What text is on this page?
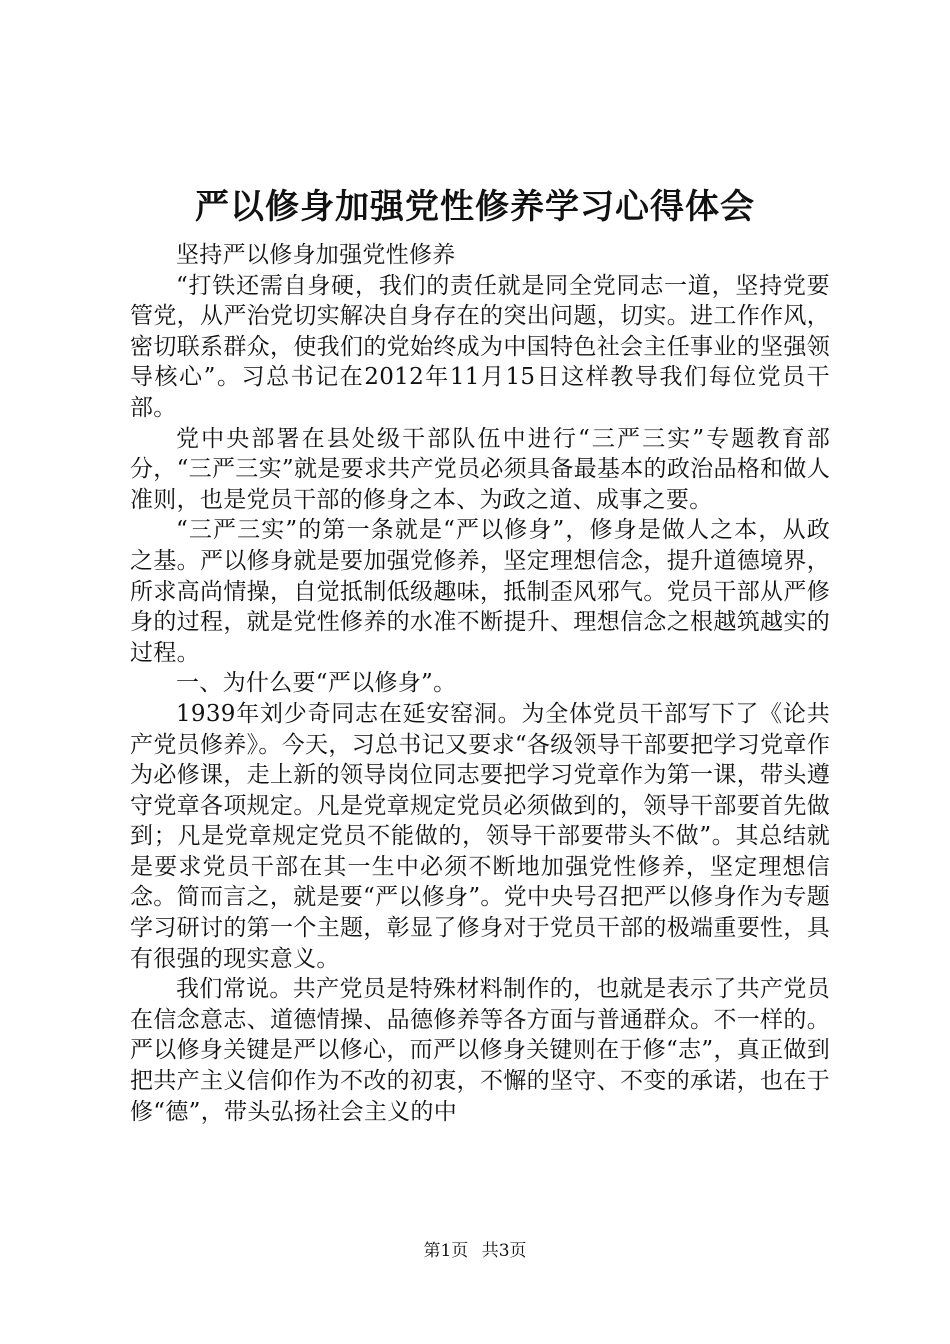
严以修身加强党性修养学习心得体会

坚持严以修身加强党性修养

“打铁还需自身硬，我们的责任就是同全党同志一道，坚持党要管党，从严治党切实解决自身存在的突出问题，切实。进工作作风，密切联系群众，使我们的党始终成为中国特色社会主任事业的坚强领导核心”。习总书记在2012年11月15日这样教导我们每位党员干部。

党中央部署在县处级干部队伍中进行“三严三实”专题教育部分，“三严三实”就是要求共产党员必须具备最基本的政治品格和做人准则，也是党员干部的修身之本、为政之道、成事之要。

“三严三实”的第一条就是“严以修身”，修身是做人之本，从政之基。严以修身就是要加强党修养，坚定理想信念，提升道德境界，所求高尚情操，自觉抵制低级趣味，抵制歪风邪气。党员干部从严修身的过程，就是党性修养的水准不断提升、理想信念之根越筑越实的过程。

一、为什么要“严以修身”。

1939年刘少奇同志在延安窑洞。为全体党员干部写下了《论共产党员修养》。今天，习总书记又要求“各级领导干部要把学习党章作为必修课，走上新的领导岗位同志要把学习党章作为第一课，带头遵守党章各项规定。凡是党章规定党员必须做到的，领导干部要首先做到；凡是党章规定党员不能做的，领导干部要带头不做”。其总结就是要求党员干部在其一生中必须不断地加强党性修养，坚定理想信念。简而言之，就是要“严以修身”。党中央号召把严以修身作为专题学习研讨的第一个主题，彰显了修身对于党员干部的极端重要性，具有很强的现实意义。

我们常说。共产党员是特殊材料制作的，也就是表示了共产党员在信念意志、道德情操、品德修养等各方面与普通群众。不一样的。严以修身关键是严以修心，而严以修身关键则在于修“志”，真正做到把共产主义信仰作为不改的初衷，不懈的坚守、不变的承诺，也在于修“德”，带头弘扬社会主义的中

第1页 共3页
